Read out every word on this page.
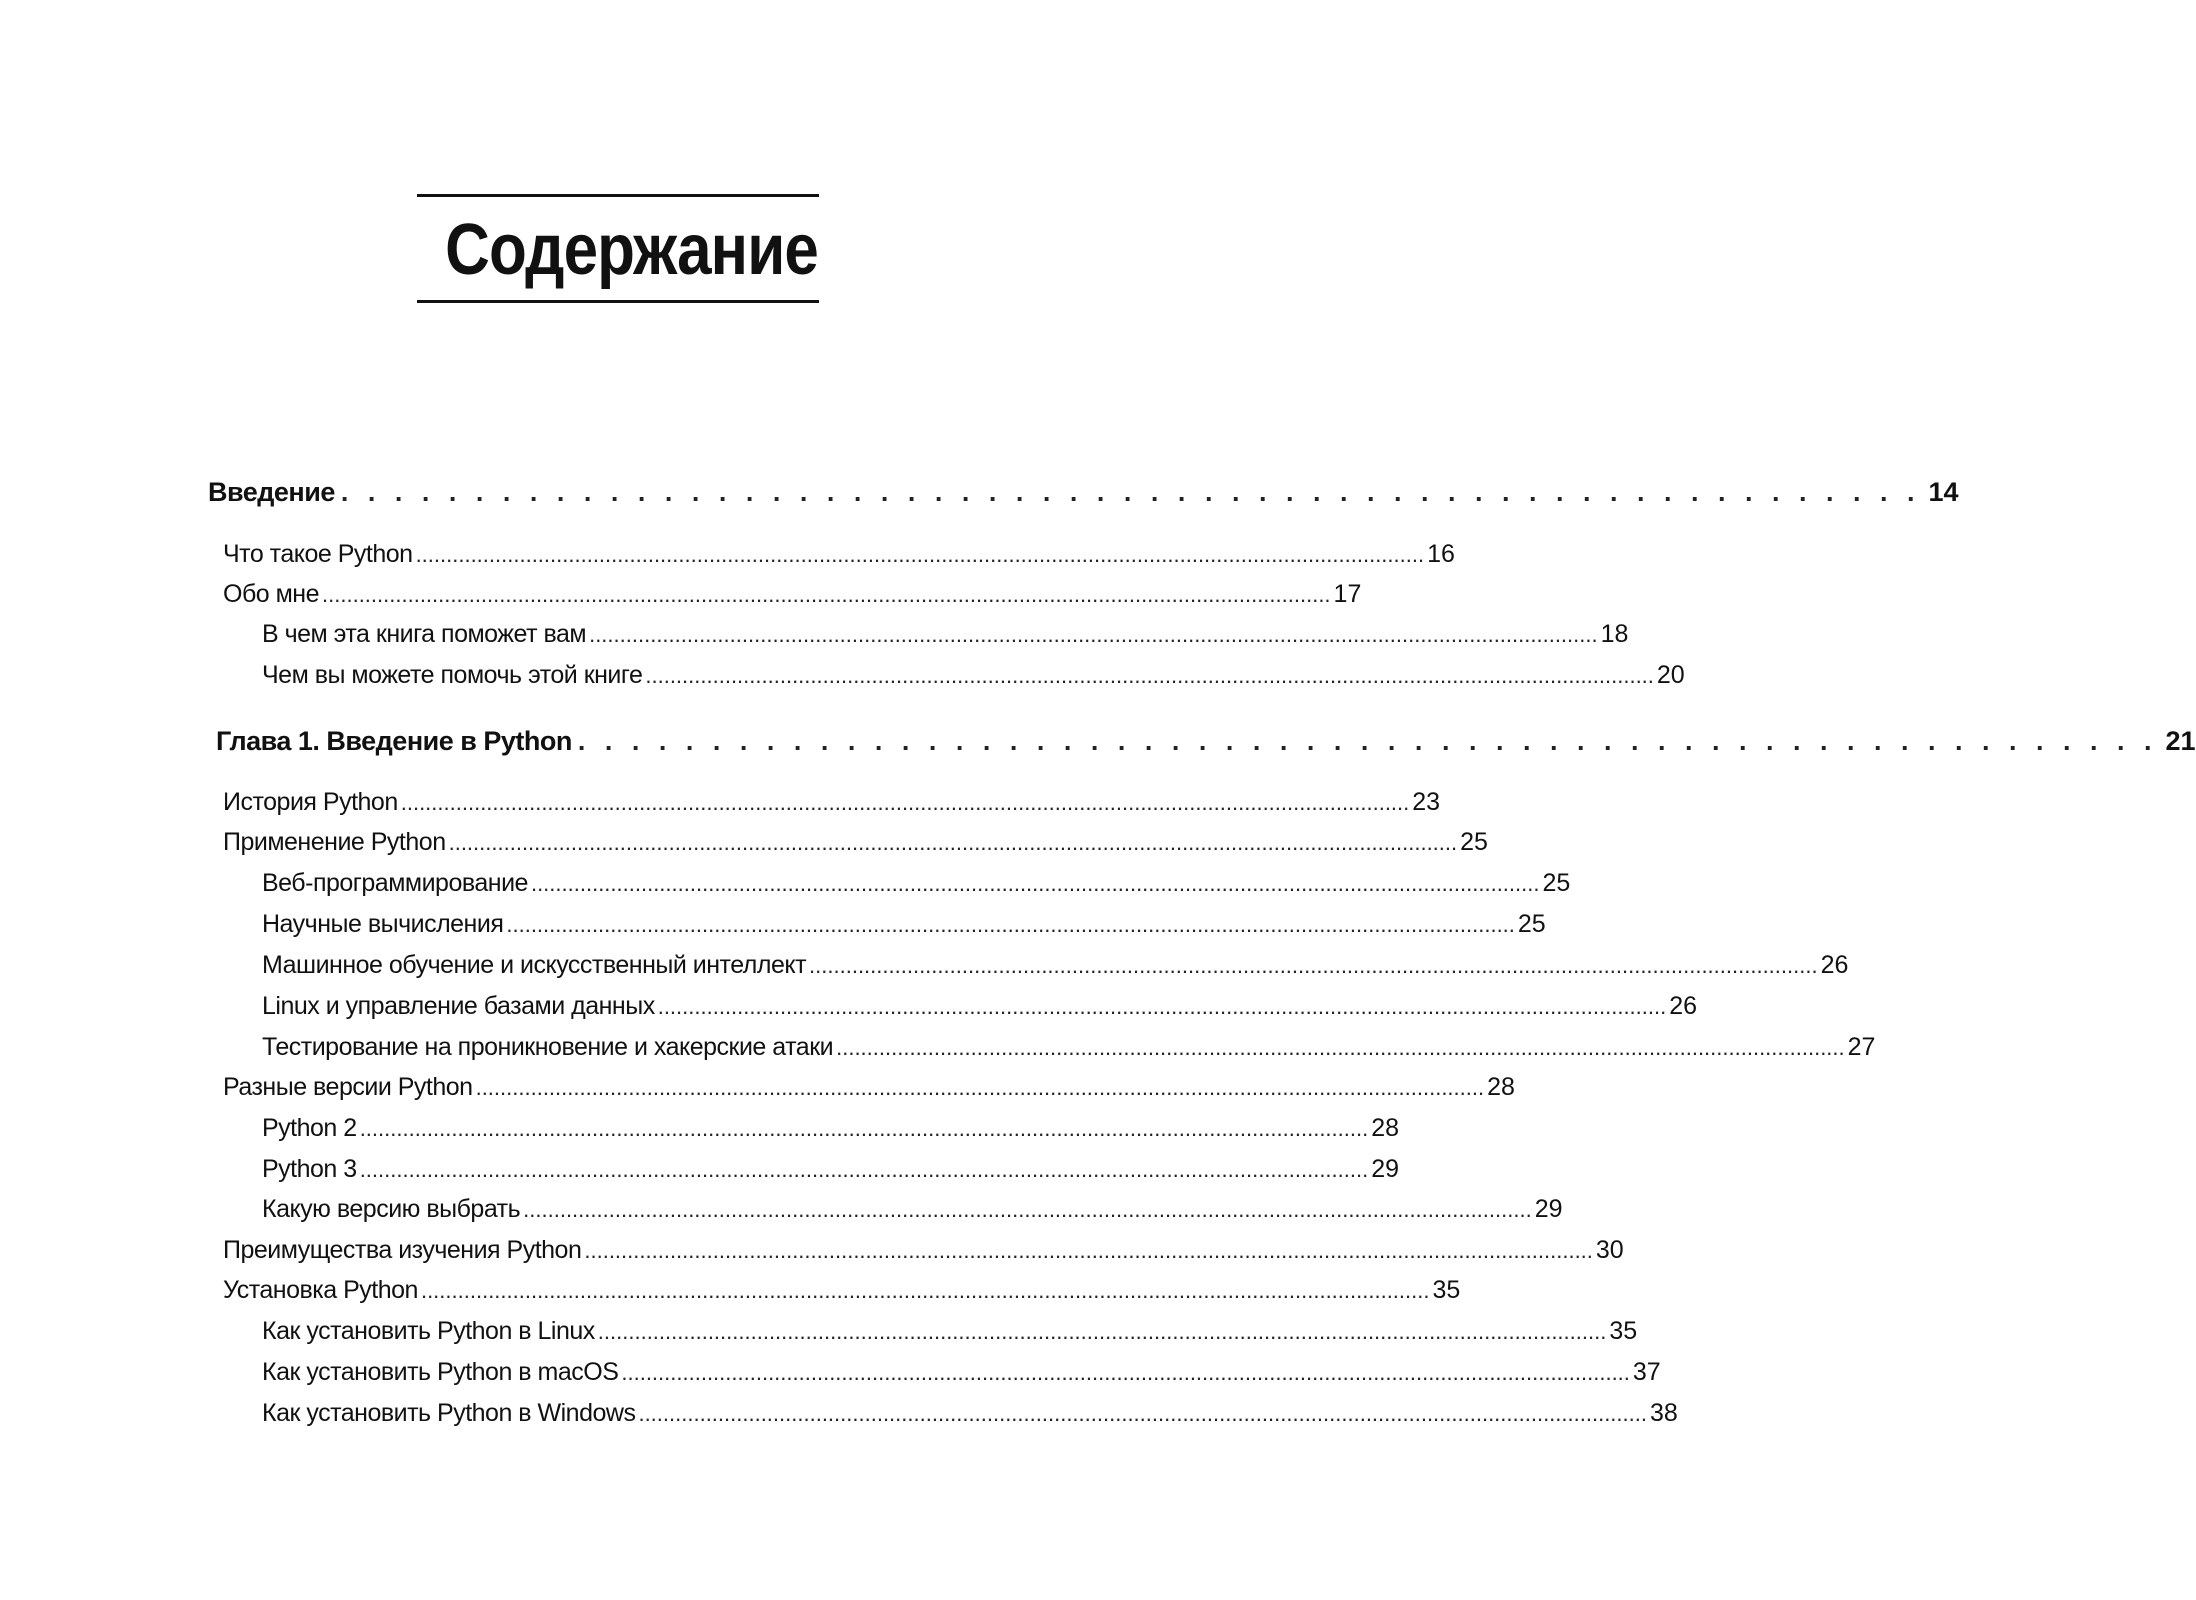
Содержание
Введение . . . . . . . . . . . . . . . . . . . . . . . . . . . . . . . . . . . . . . . . . . . . . . . . . . . . . . . . . . . 14
Что такое Python ..................................................................................................................................................................... 16
Обо мне ..................................................................................................................................................................... 17
В чем эта книга поможет вам ..................................................................................................................................................................... 18
Чем вы можете помочь этой книге ..................................................................................................................................................................... 20
Глава 1. Введение в Python . . . . . . . . . . . . . . . . . . . . . . . . . . . . . . . . . . . . . . . . . . . . . . . . . . . . . . . . . . . 21
История Python ..................................................................................................................................................................... 23
Применение Python ..................................................................................................................................................................... 25
Веб-программирование ..................................................................................................................................................................... 25
Научные вычисления ..................................................................................................................................................................... 25
Машинное обучение и искусственный интеллект ..................................................................................................................................................................... 26
Linux и управление базами данных ..................................................................................................................................................................... 26
Тестирование на проникновение и хакерские атаки ..................................................................................................................................................................... 27
Разные версии Python ..................................................................................................................................................................... 28
Python 2 ..................................................................................................................................................................... 28
Python 3 ..................................................................................................................................................................... 29
Какую версию выбрать ..................................................................................................................................................................... 29
Преимущества изучения Python ..................................................................................................................................................................... 30
Установка Python ..................................................................................................................................................................... 35
Как установить Python в Linux ..................................................................................................................................................................... 35
Как установить Python в macOS ..................................................................................................................................................................... 37
Как установить Python в Windows ..................................................................................................................................................................... 38
